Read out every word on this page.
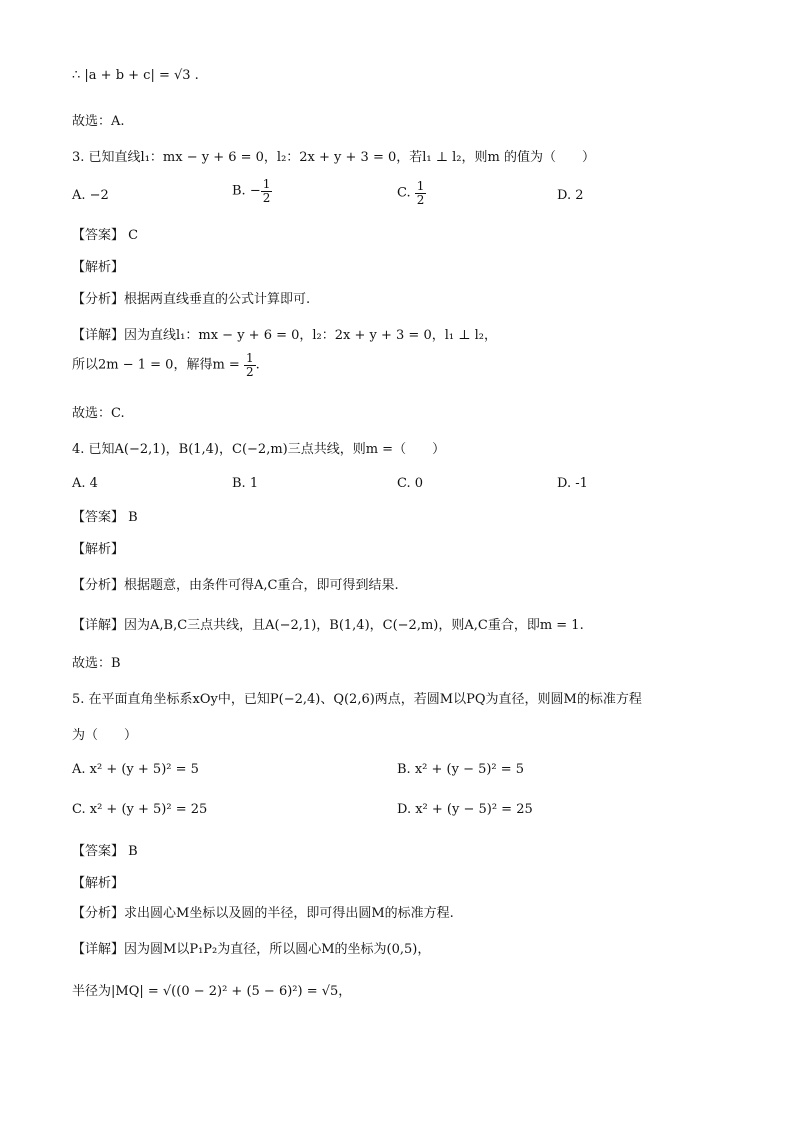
∴ |a + b + c| = √3 .
故选：A.
3. 已知直线l₁：mx − y + 6 = 0，l₂：2x + y + 3 = 0，若l₁ ⊥ l₂，则m 的值为（　　）
A. −2	B. − $\frac{1}{2}$	C. $\frac{1}{2}$	D. 2
【答案】 C
【解析】
【分析】根据两直线垂直的公式计算即可.
【详解】因为直线l₁：mx − y + 6 = 0，l₂：2x + y + 3 = 0，l₁ ⊥ l₂，
所以2m − 1 = 0，解得$m = \frac{1}{2}$ .
故选：C.
4. 已知A(−2,1)，B(1,4)，C(−2,m)三点共线，则m =（　　）
A. 4	B. 1	C. 0	D. -1
【答案】 B
【解析】
【分析】根据题意，由条件可得A,C重合，即可得到结果.
【详解】因为A,B,C三点共线，且A(−2,1)，B(1,4)，C(−2,m)，则A,C重合，即m = 1.
故选：B
5. 在平面直角坐标系xOy中，已知P(−2,4)、Q(2,6)两点，若圆M以PQ为直径，则圆M的标准方程
为（　　）
A. x² + (y + 5)² = 5	B. x² + (y − 5)² = 5
C. x² + (y + 5)² = 25	D. x² + (y − 5)² = 25
【答案】 B
【解析】
【分析】求出圆心M坐标以及圆的半径，即可得出圆M的标准方程.
【详解】因为圆M以P₁P₂为直径，所以圆心M的坐标为(0,5)，
半径为|MQ| = √((0 − 2)² + (5 − 6)²) = √5，
